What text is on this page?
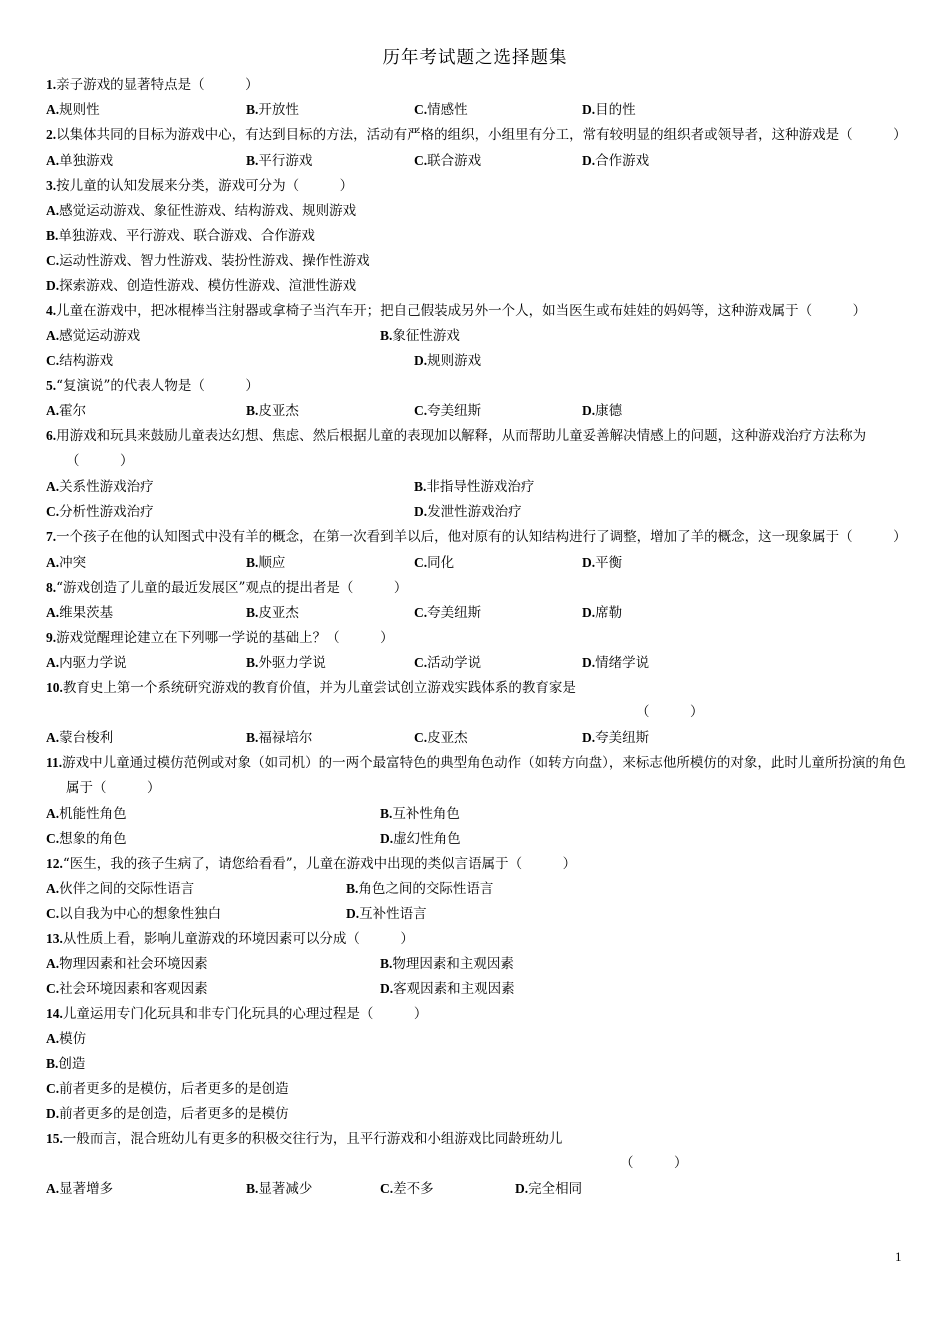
历年考试题之选择题集
1.亲子游戏的显著特点是（　　　）
A.规则性	B.开放性	C.情感性	D.目的性
2.以集体共同的目标为游戏中心，有达到目标的方法，活动有严格的组织，小组里有分工，常有较明显的组织者或领导者，这种游戏是（　　　）
A.单独游戏	B.平行游戏	C.联合游戏	D.合作游戏
3.按儿童的认知发展来分类，游戏可分为（　　　）
A.感觉运动游戏、象征性游戏、结构游戏、规则游戏
B.单独游戏、平行游戏、联合游戏、合作游戏
C.运动性游戏、智力性游戏、装扮性游戏、操作性游戏
D.探索游戏、创造性游戏、模仿性游戏、渲泄性游戏
4.儿童在游戏中，把冰棍棒当注射器或拿椅子当汽车开；把自己假装成另外一个人，如当医生或布娃娃的妈妈等，这种游戏属于（　　　）
A.感觉运动游戏	B.象征性游戏
C.结构游戏	D.规则游戏
5.“复演说”的代表人物是（　　　）
A.霍尔	B.皮亚杰	C.夸美纽斯	D.康德
6.用游戏和玩具来鼓励儿童表达幻想、焦虑、然后根据儿童的表现加以解释，从而帮助儿童妥善解决情感上的问题，这种游戏治疗方法称为（　　　）
A.关系性游戏治疗	B.非指导性游戏治疗
C.分析性游戏治疗	D.发泄性游戏治疗
7.一个孩子在他的认知图式中没有羊的概念，在第一次看到羊以后，他对原有的认知结构进行了调整，增加了羊的概念，这一现象属于（　　　）
A.冲突	B.顺应	C.同化	D.平衡
8.“游戏创造了儿童的最近发展区”观点的提出者是（　　　）
A.维果茨基	B.皮亚杰	C.夸美纽斯	D.席勒
9.游戏觉醒理论建立在下列哪一学说的基础上？（　　　）
A.内驱力学说	B.外驱力学说	C.活动学说	D.情绪学说
10.教育史上第一个系统研究游戏的教育价值，并为儿童尝试创立游戏实践体系的教育家是
（　　　）
A.蒙台梭利	B.福禄培尔	C.皮亚杰	D.夸美纽斯
11.游戏中儿童通过模仿范例或对象（如司机）的一两个最富特色的典型角色动作（如转方向盘），来标志他所模仿的对象，此时儿童所扮演的角色属于（　　　）
A.机能性角色	B.互补性角色
C.想象的角色	D.虚幻性角色
12.“医生，我的孩子生病了，请您给看看”，儿童在游戏中出现的类似言语属于（　　　）
A.伙伴之间的交际性语言	B.角色之间的交际性语言
C.以自我为中心的想象性独白	D.互补性语言
13.从性质上看，影响儿童游戏的环境因素可以分成（　　　）
A.物理因素和社会环境因素	B.物理因素和主观因素
C.社会环境因素和客观因素	D.客观因素和主观因素
14.儿童运用专门化玩具和非专门化玩具的心理过程是（　　　）
A.模仿
B.创造
C.前者更多的是模仿，后者更多的是创造
D.前者更多的是创造，后者更多的是模仿
15.一般而言，混合班幼儿有更多的积极交往行为，且平行游戏和小组游戏比同龄班幼儿
（　　　）
A.显著增多	B.显著减少	C.差不多	D.完全相同
1
